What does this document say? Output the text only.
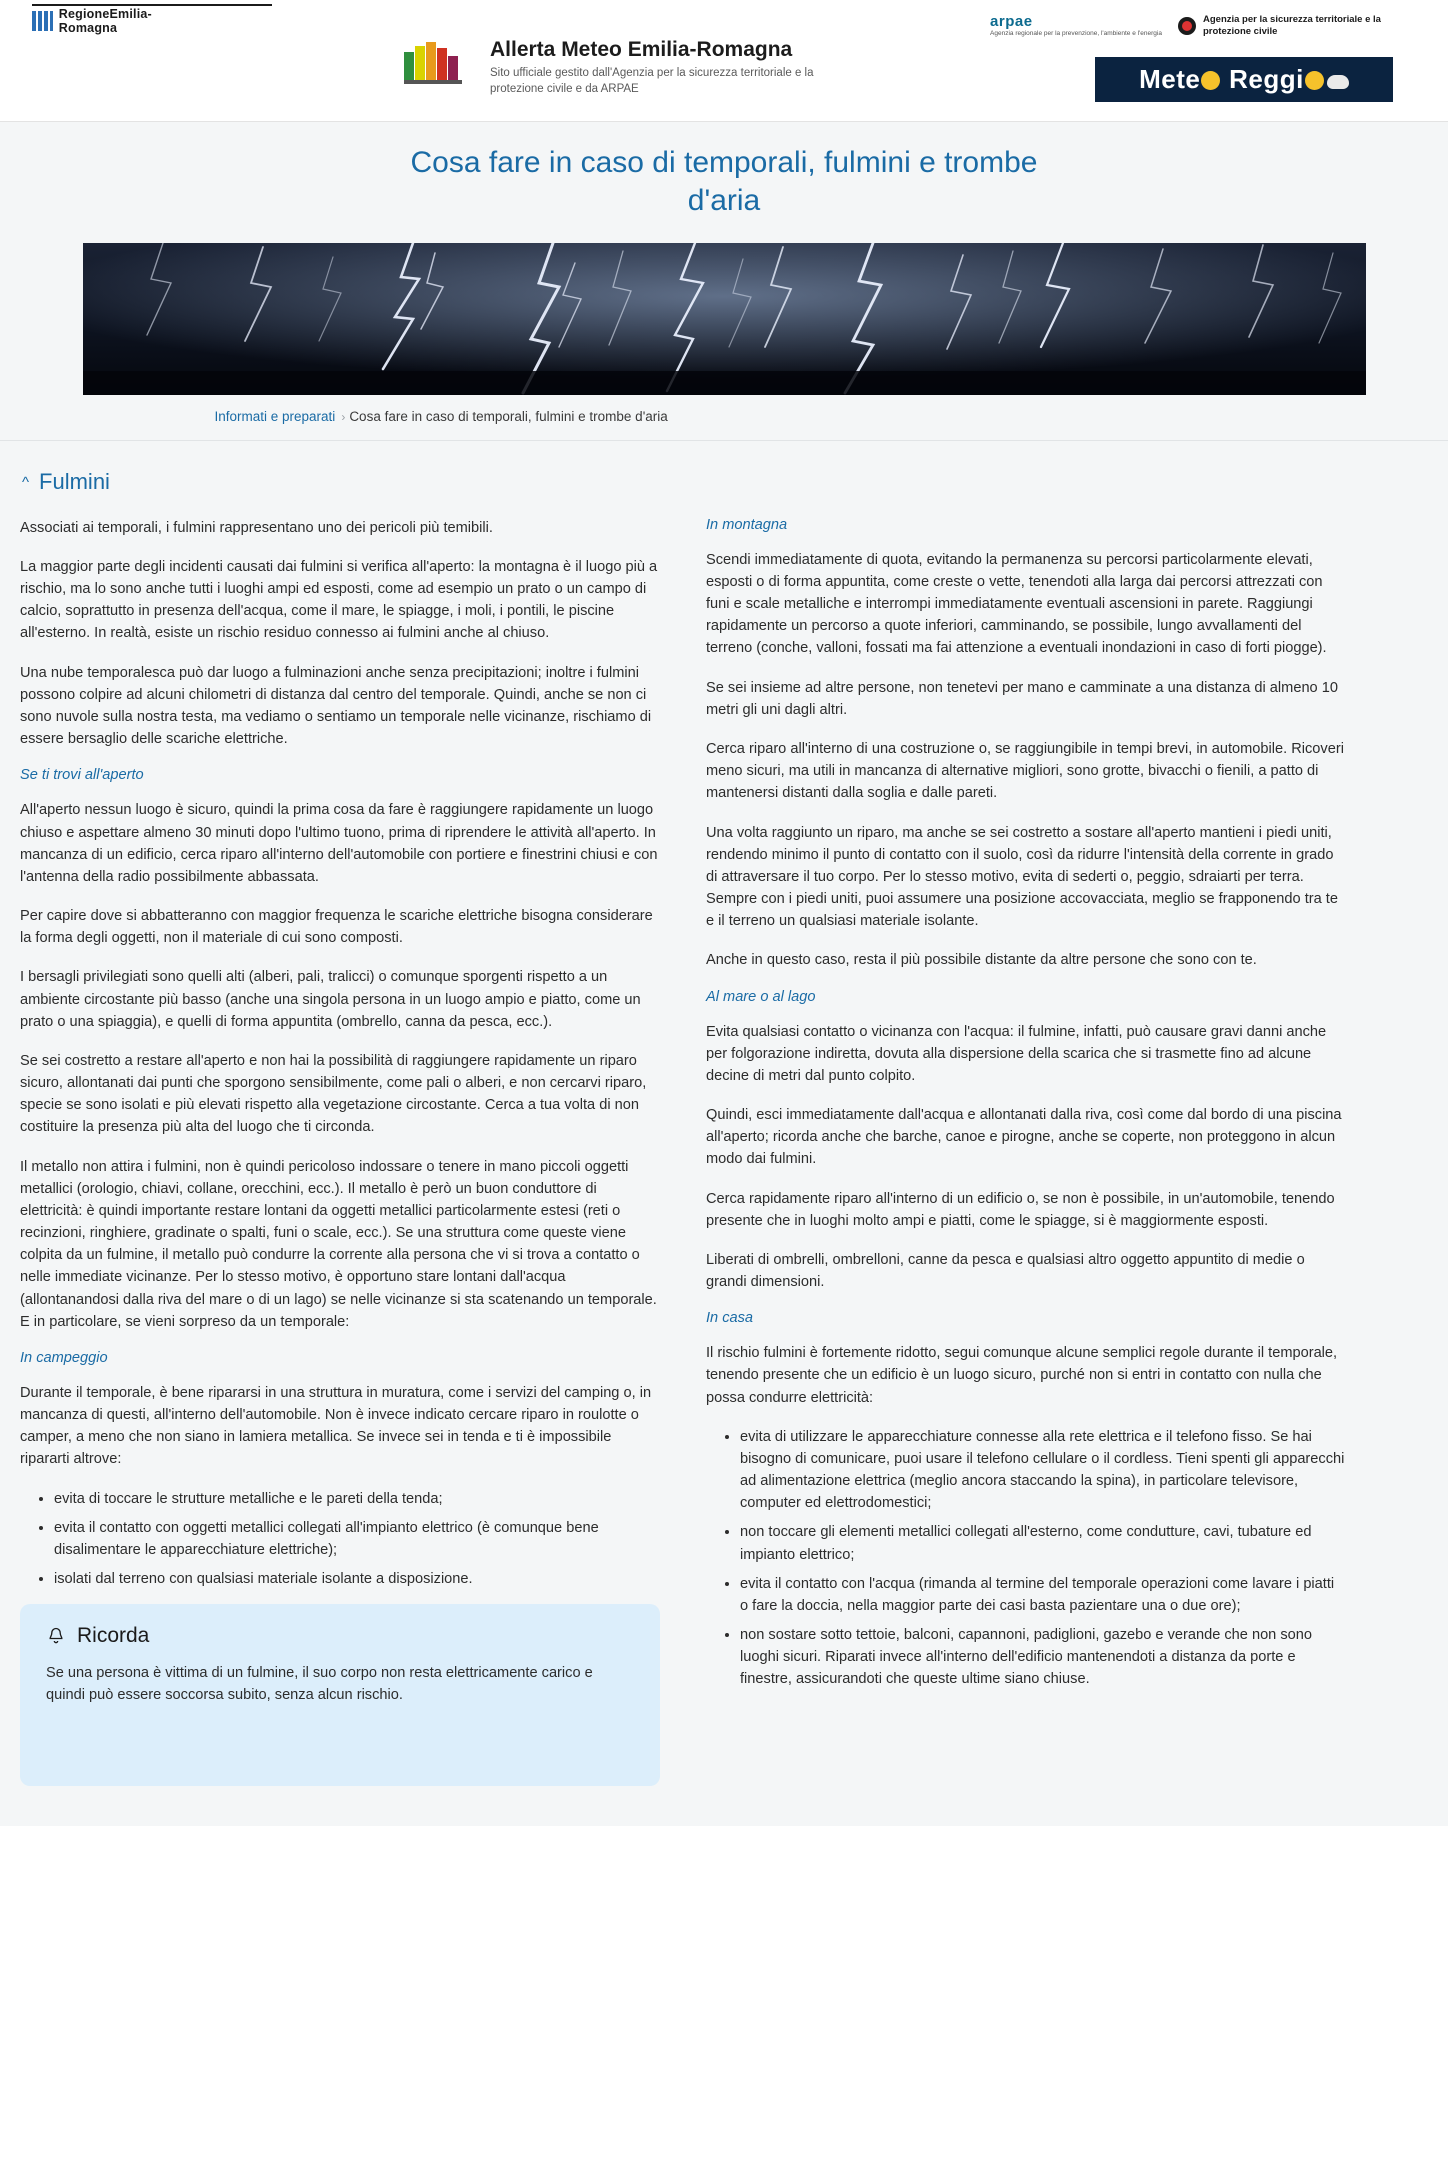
RegioneEmilia-Romagna
Allerta Meteo Emilia-Romagna
Sito ufficiale gestito dall'Agenzia per la sicurezza territoriale e la protezione civile e da ARPAE
arpae
Agenzia regionale per la prevenzione, l'ambiente e l'energia
Agenzia per la sicurezza territoriale e la protezione civile
Mete Reggi
Cosa fare in caso di temporali, fulmini e trombe d'aria
Informati e preparati › Cosa fare in caso di temporali, fulmini e trombe d'aria
^ Fulmini

Associati ai temporali, i fulmini rappresentano uno dei pericoli più temibili.

La maggior parte degli incidenti causati dai fulmini si verifica all'aperto: la montagna è il luogo più a rischio, ma lo sono anche tutti i luoghi ampi ed esposti, come ad esempio un prato o un campo di calcio, soprattutto in presenza dell'acqua, come il mare, le spiagge, i moli, i pontili, le piscine all'esterno. In realtà, esiste un rischio residuo connesso ai fulmini anche al chiuso.

Una nube temporalesca può dar luogo a fulminazioni anche senza precipitazioni; inoltre i fulmini possono colpire ad alcuni chilometri di distanza dal centro del temporale. Quindi, anche se non ci sono nuvole sulla nostra testa, ma vediamo o sentiamo un temporale nelle vicinanze, rischiamo di essere bersaglio delle scariche elettriche.

Se ti trovi all'aperto

All'aperto nessun luogo è sicuro, quindi la prima cosa da fare è raggiungere rapidamente un luogo chiuso e aspettare almeno 30 minuti dopo l'ultimo tuono, prima di riprendere le attività all'aperto. In mancanza di un edificio, cerca riparo all'interno dell'automobile con portiere e finestrini chiusi e con l'antenna della radio possibilmente abbassata.

Per capire dove si abbatteranno con maggior frequenza le scariche elettriche bisogna considerare la forma degli oggetti, non il materiale di cui sono composti.

I bersagli privilegiati sono quelli alti (alberi, pali, tralicci) o comunque sporgenti rispetto a un ambiente circostante più basso (anche una singola persona in un luogo ampio e piatto, come un prato o una spiaggia), e quelli di forma appuntita (ombrello, canna da pesca, ecc.).

Se sei costretto a restare all'aperto e non hai la possibilità di raggiungere rapidamente un riparo sicuro, allontanati dai punti che sporgono sensibilmente, come pali o alberi, e non cercarvi riparo, specie se sono isolati e più elevati rispetto alla vegetazione circostante. Cerca a tua volta di non costituire la presenza più alta del luogo che ti circonda.

Il metallo non attira i fulmini, non è quindi pericoloso indossare o tenere in mano piccoli oggetti metallici (orologio, chiavi, collane, orecchini, ecc.). Il metallo è però un buon conduttore di elettricità: è quindi importante restare lontani da oggetti metallici particolarmente estesi (reti o recinzioni, ringhiere, gradinate o spalti, funi o scale, ecc.). Se una struttura come queste viene colpita da un fulmine, il metallo può condurre la corrente alla persona che vi si trova a contatto o nelle immediate vicinanze. Per lo stesso motivo, è opportuno stare lontani dall'acqua (allontanandosi dalla riva del mare o di un lago) se nelle vicinanze si sta scatenando un temporale.

E in particolare, se vieni sorpreso da un temporale:

In campeggio

Durante il temporale, è bene ripararsi in una struttura in muratura, come i servizi del camping o, in mancanza di questi, all'interno dell'automobile. Non è invece indicato cercare riparo in roulotte o camper, a meno che non siano in lamiera metallica. Se invece sei in tenda e ti è impossibile ripararti altrove:

• evita di toccare le strutture metalliche e le pareti della tenda;
• evita il contatto con oggetti metallici collegati all'impianto elettrico (è comunque bene disalimentare le apparecchiature elettriche);
• isolati dal terreno con qualsiasi materiale isolante a disposizione.
Ricorda

Se una persona è vittima di un fulmine, il suo corpo non resta elettricamente carico e quindi può essere soccorsa subito, senza alcun rischio.

In montagna

Scendi immediatamente di quota, evitando la permanenza su percorsi particolarmente elevati, esposti o di forma appuntita, come creste o vette, tenendoti alla larga dai percorsi attrezzati con funi e scale metalliche e interrompi immediatamente eventuali ascensioni in parete. Raggiungi rapidamente un percorso a quote inferiori, camminando, se possibile, lungo avvallamenti del terreno (conche, valloni, fossati ma fai attenzione a eventuali inondazioni in caso di forti piogge).

Se sei insieme ad altre persone, non tenetevi per mano e camminate a una distanza di almeno 10 metri gli uni dagli altri.

Cerca riparo all'interno di una costruzione o, se raggiungibile in tempi brevi, in automobile. Ricoveri meno sicuri, ma utili in mancanza di alternative migliori, sono grotte, bivacchi o fienili, a patto di mantenersi distanti dalla soglia e dalle pareti.

Una volta raggiunto un riparo, ma anche se sei costretto a sostare all'aperto mantieni i piedi uniti, rendendo minimo il punto di contatto con il suolo, così da ridurre l'intensità della corrente in grado di attraversare il tuo corpo. Per lo stesso motivo, evita di sederti o, peggio, sdraiarti per terra. Sempre con i piedi uniti, puoi assumere una posizione accovacciata, meglio se frapponendo tra te e il terreno un qualsiasi materiale isolante.

Anche in questo caso, resta il più possibile distante da altre persone che sono con te.

Al mare o al lago

Evita qualsiasi contatto o vicinanza con l'acqua: il fulmine, infatti, può causare gravi danni anche per folgorazione indiretta, dovuta alla dispersione della scarica che si trasmette fino ad alcune decine di metri dal punto colpito.

Quindi, esci immediatamente dall'acqua e allontanati dalla riva, così come dal bordo di una piscina all'aperto; ricorda anche che barche, canoe e pirogne, anche se coperte, non proteggono in alcun modo dai fulmini.

Cerca rapidamente riparo all'interno di un edificio o, se non è possibile, in un'automobile, tenendo presente che in luoghi molto ampi e piatti, come le spiagge, si è maggiormente esposti.

Liberati di ombrelli, ombrelloni, canne da pesca e qualsiasi altro oggetto appuntito di medie o grandi dimensioni.

In casa

Il rischio fulmini è fortemente ridotto, segui comunque alcune semplici regole durante il temporale, tenendo presente che un edificio è un luogo sicuro, purché non si entri in contatto con nulla che possa condurre elettricità:

• evita di utilizzare le apparecchiature connesse alla rete elettrica e il telefono fisso. Se hai bisogno di comunicare, puoi usare il telefono cellulare o il cordless. Tieni spenti gli apparecchi ad alimentazione elettrica (meglio ancora staccando la spina), in particolare televisore, computer ed elettrodomestici;
• non toccare gli elementi metallici collegati all'esterno, come condutture, cavi, tubature ed impianto elettrico;
• evita il contatto con l'acqua (rimanda al termine del temporale operazioni come lavare i piatti o fare la doccia, nella maggior parte dei casi basta pazientare una o due ore);
• non sostare sotto tettoie, balconi, capannoni, padiglioni, gazebo e verande che non sono luoghi sicuri. Riparati invece all'interno dell'edificio mantenendoti a distanza da porte e finestre, assicurandoti che queste ultime siano chiuse.
